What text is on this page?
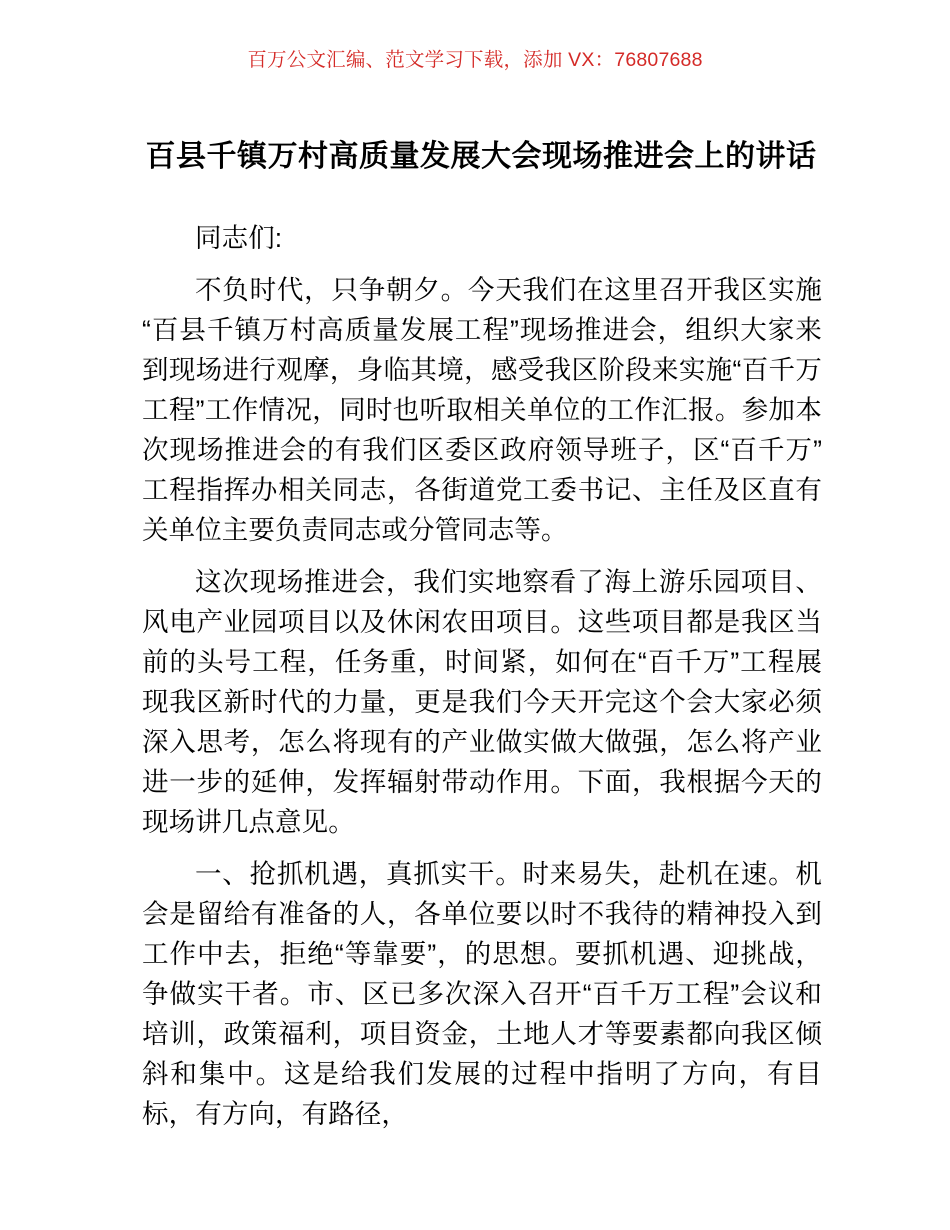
百万公文汇编、范文学习下载，添加 VX：76807688
百县千镇万村高质量发展大会现场推进会上的讲话

同志们:

不负时代，只争朝夕。今天我们在这里召开我区实施“百县千镇万村高质量发展工程”现场推进会，组织大家来到现场进行观摩，身临其境，感受我区阶段来实施“百千万工程”工作情况，同时也听取相关单位的工作汇报。参加本次现场推进会的有我们区委区政府领导班子，区“百千万”工程指挥办相关同志，各街道党工委书记、主任及区直有关单位主要负责同志或分管同志等。

这次现场推进会，我们实地察看了海上游乐园项目、风电产业园项目以及休闲农田项目。这些项目都是我区当前的头号工程，任务重，时间紧，如何在“百千万”工程展现我区新时代的力量，更是我们今天开完这个会大家必须深入思考，怎么将现有的产业做实做大做强，怎么将产业进一步的延伸，发挥辐射带动作用。下面，我根据今天的现场讲几点意见。

一、抢抓机遇，真抓实干。时来易失，赴机在速。机会是留给有准备的人，各单位要以时不我待的精神投入到工作中去，拒绝“等靠要”，的思想。要抓机遇、迎挑战，争做实干者。市、区已多次深入召开“百千万工程”会议和培训，政策福利，项目资金，土地人才等要素都向我区倾斜和集中。这是给我们发展的过程中指明了方向，有目标，有方向，有路径，
